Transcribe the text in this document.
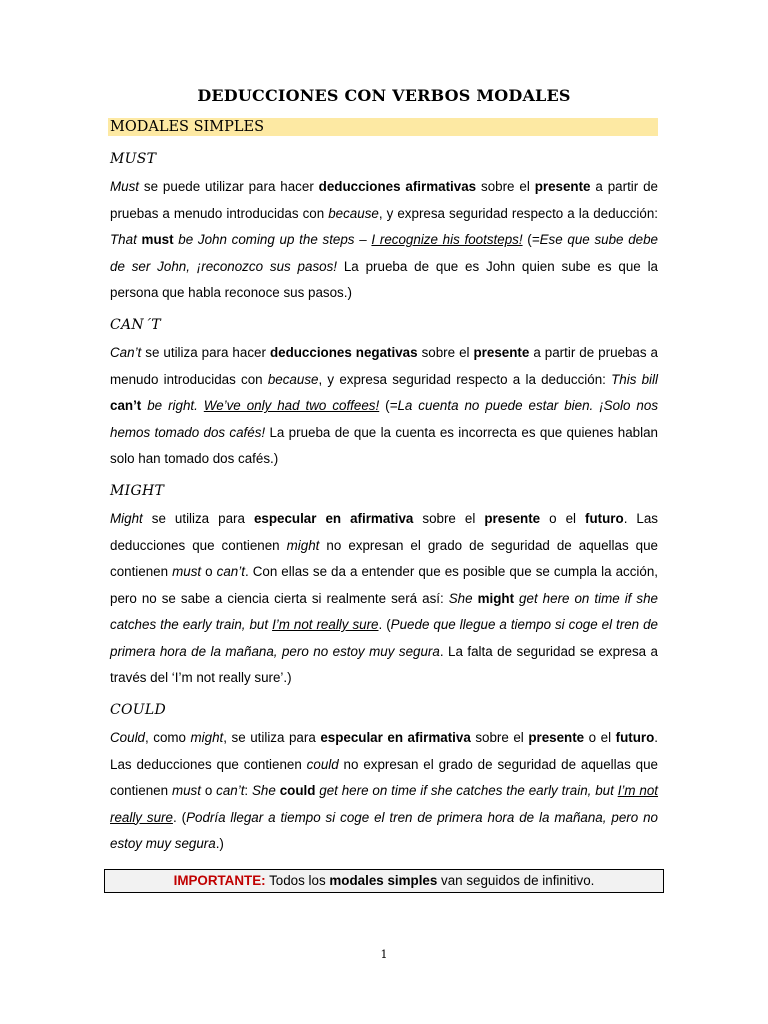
DEDUCCIONES CON VERBOS MODALES
MODALES SIMPLES
MUST
Must se puede utilizar para hacer deducciones afirmativas sobre el presente a partir de pruebas a menudo introducidas con because, y expresa seguridad respecto a la deducción: That must be John coming up the steps – I recognize his footsteps! (=Ese que sube debe de ser John, ¡reconozco sus pasos! La prueba de que es John quien sube es que la persona que habla reconoce sus pasos.)
CAN´T
Can’t se utiliza para hacer deducciones negativas sobre el presente a partir de pruebas a menudo introducidas con because, y expresa seguridad respecto a la deducción: This bill can’t be right. We’ve only had two coffees! (=La cuenta no puede estar bien. ¡Solo nos hemos tomado dos cafés! La prueba de que la cuenta es incorrecta es que quienes hablan solo han tomado dos cafés.)
MIGHT
Might se utiliza para especular en afirmativa sobre el presente o el futuro. Las deducciones que contienen might no expresan el grado de seguridad de aquellas que contienen must o can’t. Con ellas se da a entender que es posible que se cumpla la acción, pero no se sabe a ciencia cierta si realmente será así: She might get here on time if she catches the early train, but I’m not really sure. (Puede que llegue a tiempo si coge el tren de primera hora de la mañana, pero no estoy muy segura. La falta de seguridad se expresa a través del ‘I’m not really sure’.)
COULD
Could, como might, se utiliza para especular en afirmativa sobre el presente o el futuro. Las deducciones que contienen could no expresan el grado de seguridad de aquellas que contienen must o can’t: She could get here on time if she catches the early train, but I’m not really sure. (Podría llegar a tiempo si coge el tren de primera hora de la mañana, pero no estoy muy segura.)
IMPORTANTE: Todos los modales simples van seguidos de infinitivo.
1
